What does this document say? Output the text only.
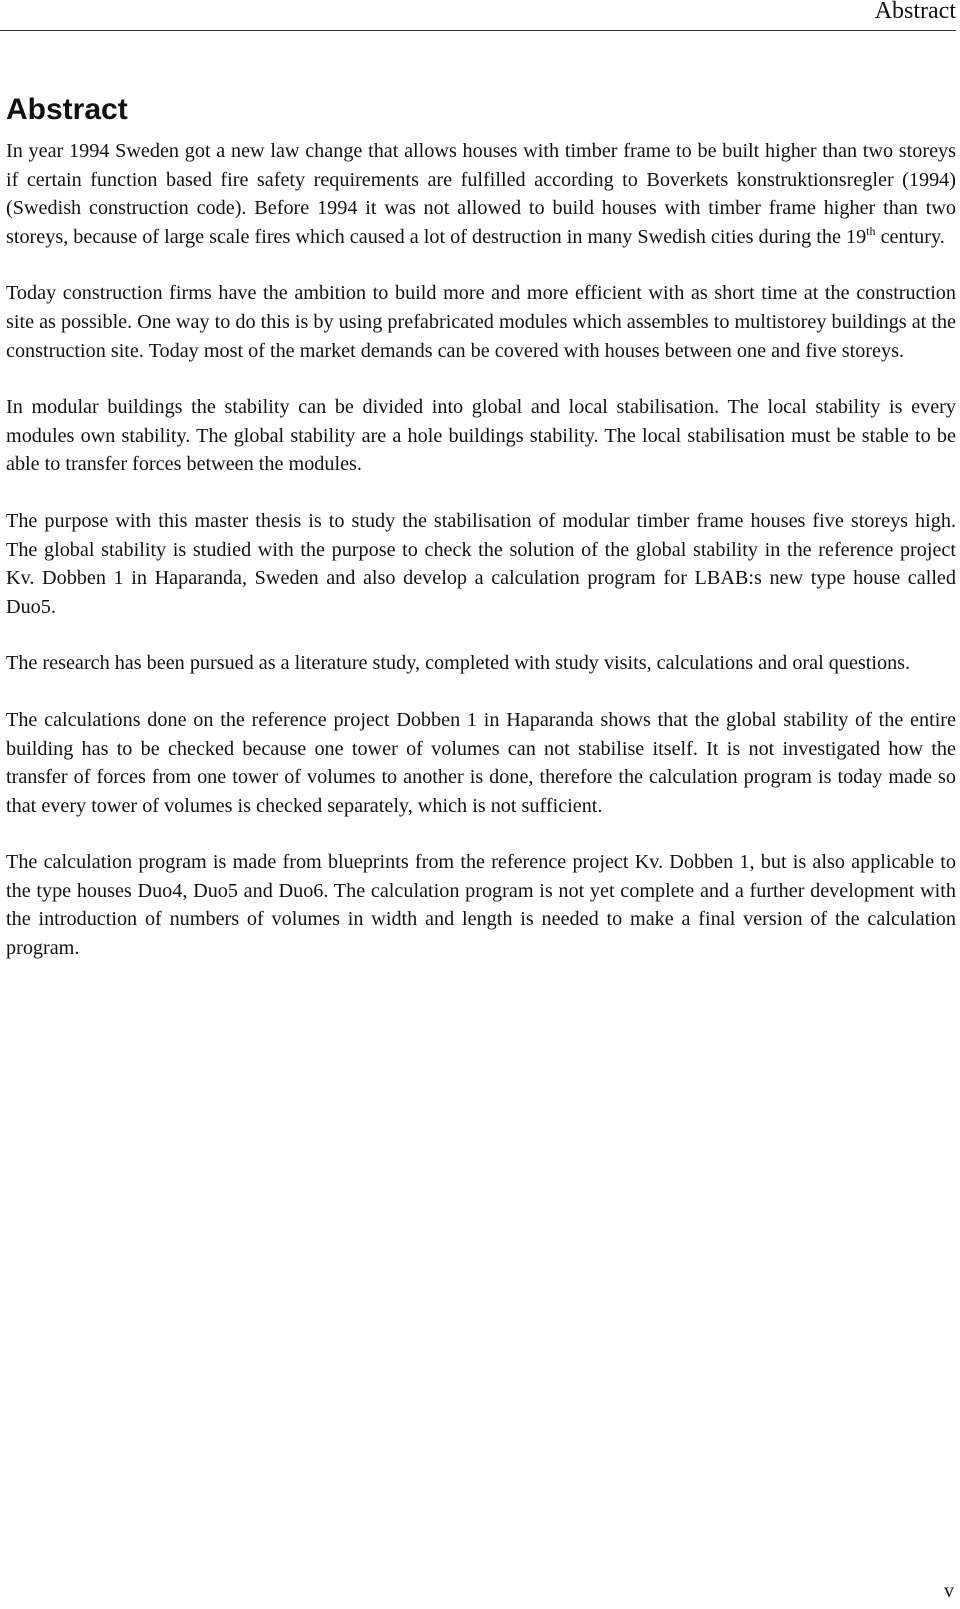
Abstract
Abstract

In year 1994 Sweden got a new law change that allows houses with timber frame to be built higher than two storeys if certain function based fire safety requirements are fulfilled according to Boverkets konstruktionsregler (1994) (Swedish construction code). Before 1994 it was not allowed to build houses with timber frame higher than two storeys, because of large scale fires which caused a lot of destruction in many Swedish cities during the 19th century.

Today construction firms have the ambition to build more and more efficient with as short time at the construction site as possible. One way to do this is by using prefabricated modules which assembles to multistorey buildings at the construction site. Today most of the market demands can be covered with houses between one and five storeys.

In modular buildings the stability can be divided into global and local stabilisation. The local stability is every modules own stability. The global stability are a hole buildings stability. The local stabilisation must be stable to be able to transfer forces between the modules.

The purpose with this master thesis is to study the stabilisation of modular timber frame houses five storeys high. The global stability is studied with the purpose to check the solution of the global stability in the reference project Kv. Dobben 1 in Haparanda, Sweden and also develop a calculation program for LBAB:s new type house called Duo5.

The research has been pursued as a literature study, completed with study visits, calculations and oral questions.

The calculations done on the reference project Dobben 1 in Haparanda shows that the global stability of the entire building has to be checked because one tower of volumes can not stabilise itself. It is not investigated how the transfer of forces from one tower of volumes to another is done, therefore the calculation program is today made so that every tower of volumes is checked separately, which is not sufficient.

The calculation program is made from blueprints from the reference project Kv. Dobben 1, but is also applicable to the type houses Duo4, Duo5 and Duo6. The calculation program is not yet complete and a further development with the introduction of numbers of volumes in width and length is needed to make a final version of the calculation program.

v
